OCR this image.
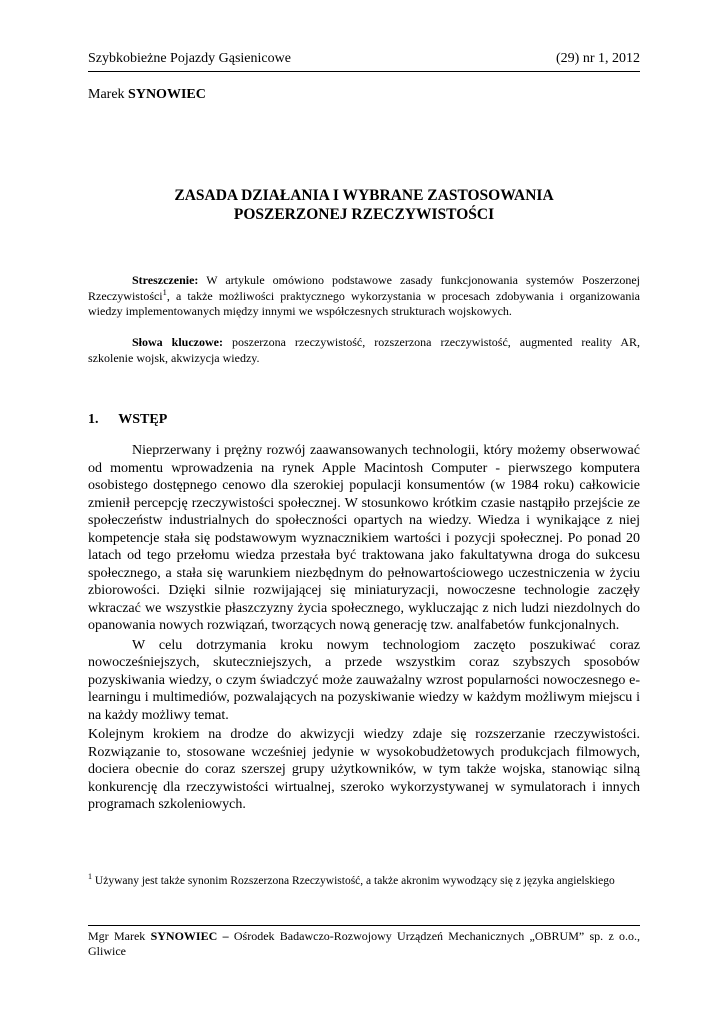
Szybkobieżne Pojazdy Gąsienicowe	(29) nr 1, 2012
Marek SYNOWIEC
ZASADA DZIAŁANIA I WYBRANE ZASTOSOWANIA
POSZERZONEJ RZECZYWISTOŚCI
Streszczenie: W artykule omówiono podstawowe zasady funkcjonowania systemów Poszerzonej Rzeczywistości$^1$, a także możliwości praktycznego wykorzystania w procesach zdobywania i organizowania wiedzy implementowanych między innymi we współczesnych strukturach wojskowych.
Słowa kluczowe: poszerzona rzeczywistość, rozszerzona rzeczywistość, augmented reality AR, szkolenie wojsk, akwizycja wiedzy.
1. WSTĘP

Nieprzerwany i prężny rozwój zaawansowanych technologii, który możemy obserwować od momentu wprowadzenia na rynek Apple Macintosh Computer - pierwszego komputera osobistego dostępnego cenowo dla szerokiej populacji konsumentów (w 1984 roku) całkowicie zmienił percepcję rzeczywistości społecznej. W stosunkowo krótkim czasie nastąpiło przejście ze społeczeństw industrialnych do społeczności opartych na wiedzy. Wiedza i wynikające z niej kompetencje stała się podstawowym wyznacznikiem wartości i pozycji społecznej. Po ponad 20 latach od tego przełomu wiedza przestała być traktowana jako fakultatywna droga do sukcesu społecznego, a stała się warunkiem niezbędnym do pełnowartościowego uczestniczenia w życiu zbiorowości. Dzięki silnie rozwijającej się miniaturyzacji, nowoczesne technologie zaczęły wkraczać we wszystkie płaszczyzny życia społecznego, wykluczając z nich ludzi niezdolnych do opanowania nowych rozwiązań, tworzących nową generację tzw. analfabetów funkcjonalnych.

W celu dotrzymania kroku nowym technologiom zaczęto poszukiwać coraz nowocześniejszych, skuteczniejszych, a przede wszystkim coraz szybszych sposobów pozyskiwania wiedzy, o czym świadczyć może zauważalny wzrost popularności nowoczesnego e-learningu i multimediów, pozwalających na pozyskiwanie wiedzy w każdym możliwym miejscu i na każdy możliwy temat.

Kolejnym krokiem na drodze do akwizycji wiedzy zdaje się rozszerzanie rzeczywistości. Rozwiązanie to, stosowane wcześniej jedynie w wysokobudżetowych produkcjach filmowych, dociera obecnie do coraz szerszej grupy użytkowników, w tym także wojska, stanowiąc silną konkurencję dla rzeczywistości wirtualnej, szeroko wykorzystywanej w symulatorach i innych programach szkoleniowych.

$^1$ Używany jest także synonim Rozszerzona Rzeczywistość, a także akronim wywodzący się z języka angielskiego
Mgr Marek SYNOWIEC – Ośrodek Badawczo-Rozwojowy Urządzeń Mechanicznych „OBRUM” sp. z o.o., Gliwice
